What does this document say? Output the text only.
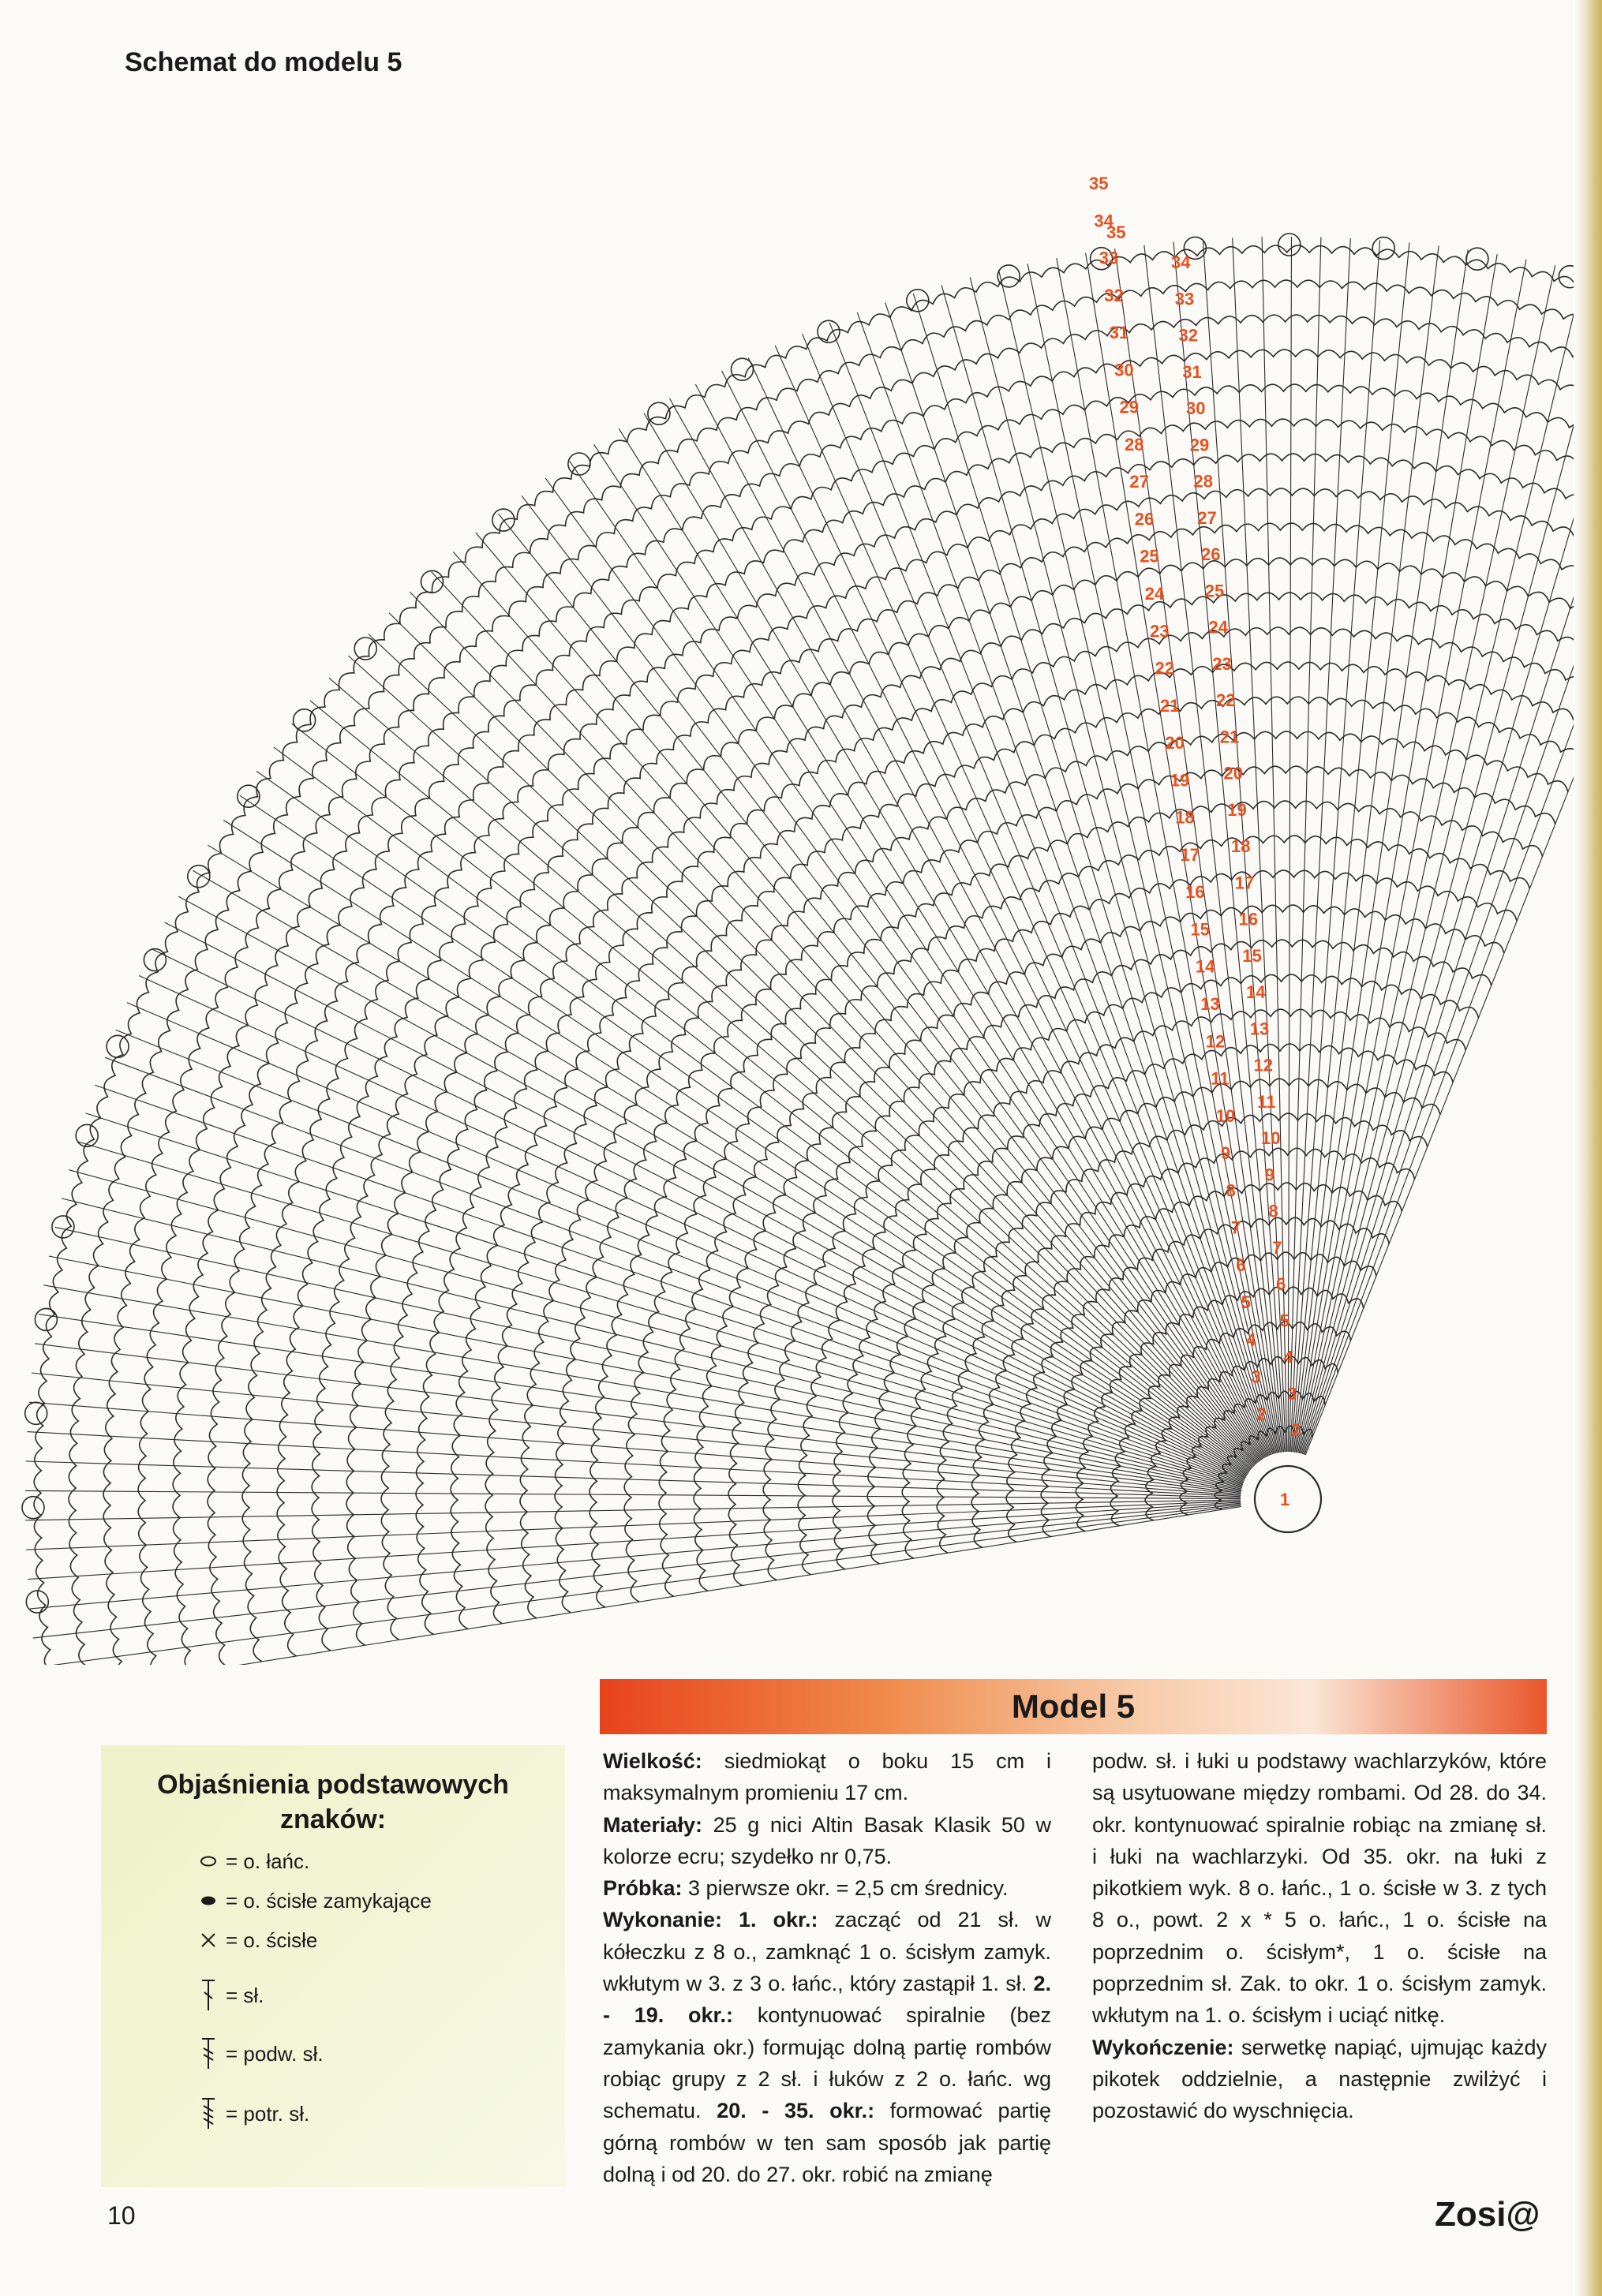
Schemat do modelu 5
35
34
33
32
31
30
29
28
27
26
25
24
23
22
21
20
19
18
17
16
15
14
13
12
11
10
9
8
7
6
5
4
3
2
34
33
32
31
30
29
28
27
26
25
24
23
22
21
20
19
18
17
16
15
14
13
12
11
10
9
8
7
6
5
4
3
2
35
1
Model 5
Objaśnienia podstawowych znaków:
= o. łańc.
= o. ścisłe zamykające
= o. ścisłe
= sł.
= podw. sł.
= potr. sł.

Wielkość: siedmiokąt o boku 15 cm i maksymalnym promieniu 17 cm.

Materiały: 25 g nici Altin Basak Klasik 50 w kolorze ecru; szydełko nr 0,75.

Próbka: 3 pierwsze okr. = 2,5 cm średnicy.

Wykonanie: 1. okr.: zacząć od 21 sł. w kółeczku z 8 o., zamknąć 1 o. ścisłym zamyk. wkłutym w 3. z 3 o. łańc., który zastąpił 1. sł. 2. - 19. okr.: kontynuować spiralnie (bez zamykania okr.) formując dolną partię rombów robiąc grupy z 2 sł. i łuków z 2 o. łańc. wg schematu. 20. - 35. okr.: formować partię górną rombów w ten sam sposób jak partię dolną i od 20. do 27. okr. robić na zmianę

podw. sł. i łuki u podstawy wachlarzyków, które są usytuowane między rombami. Od 28. do 34. okr. kontynuować spiralnie robiąc na zmianę sł. i łuki na wachlarzyki. Od 35. okr. na łuki z pikotkiem wyk. 8 o. łańc., 1 o. ścisłe w 3. z tych 8 o., powt. 2 x * 5 o. łańc., 1 o. ścisłe na poprzednim o. ścisłym*, 1 o. ścisłe na poprzednim sł. Zak. to okr. 1 o. ścisłym zamyk. wkłutym na 1. o. ścisłym i uciąć nitkę.

Wykończenie: serwetkę napiąć, ujmując każdy pikotek oddzielnie, a następnie zwilżyć i pozostawić do wyschnięcia.

10	Zosi@
